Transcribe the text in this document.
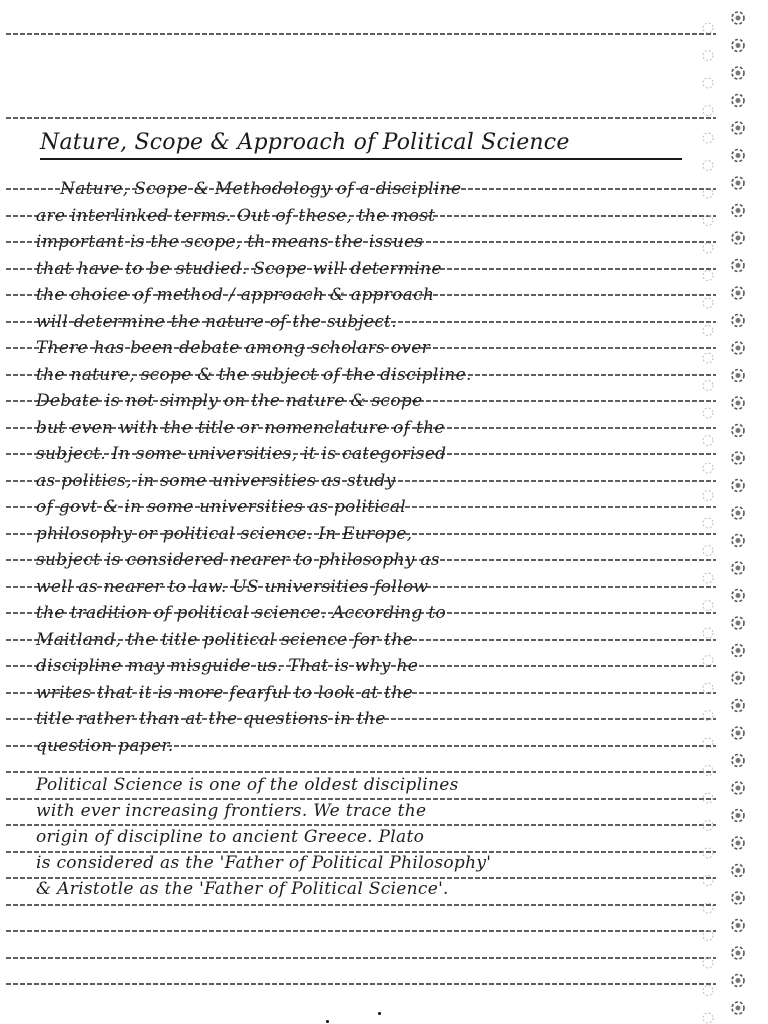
Nature, Scope & Approach of Political Science
Nature, Scope & Methodology of a discipline
are interlinked terms. Out of these, the most
important is the scope, th means the issues
that have to be studied. Scope will determine
the choice of method / approach & approach
will determine the nature of the subject.
There has been debate among scholars over
the nature, scope & the subject of the discipline.
Debate is not simply on the nature & scope
but even with the title or nomenclature of the
subject. In some universities, it is categorised
as politics, in some universities as study
of govt & in some universities as political
philosophy or political science. In Europe,
subject is considered nearer to philosophy as
well as nearer to law. US universities follow
the tradition of political science. According to
Maitland, the title political science for the
discipline may misguide us. That is why he
writes that it is more fearful to look at the
title rather than at the questions in the
question paper.
Political Science is one of the oldest disciplines
with ever increasing frontiers. We trace the
origin of discipline to ancient Greece. Plato
is considered as the 'Father of Political Philosophy'
& Aristotle as the 'Father of Political Science'.
